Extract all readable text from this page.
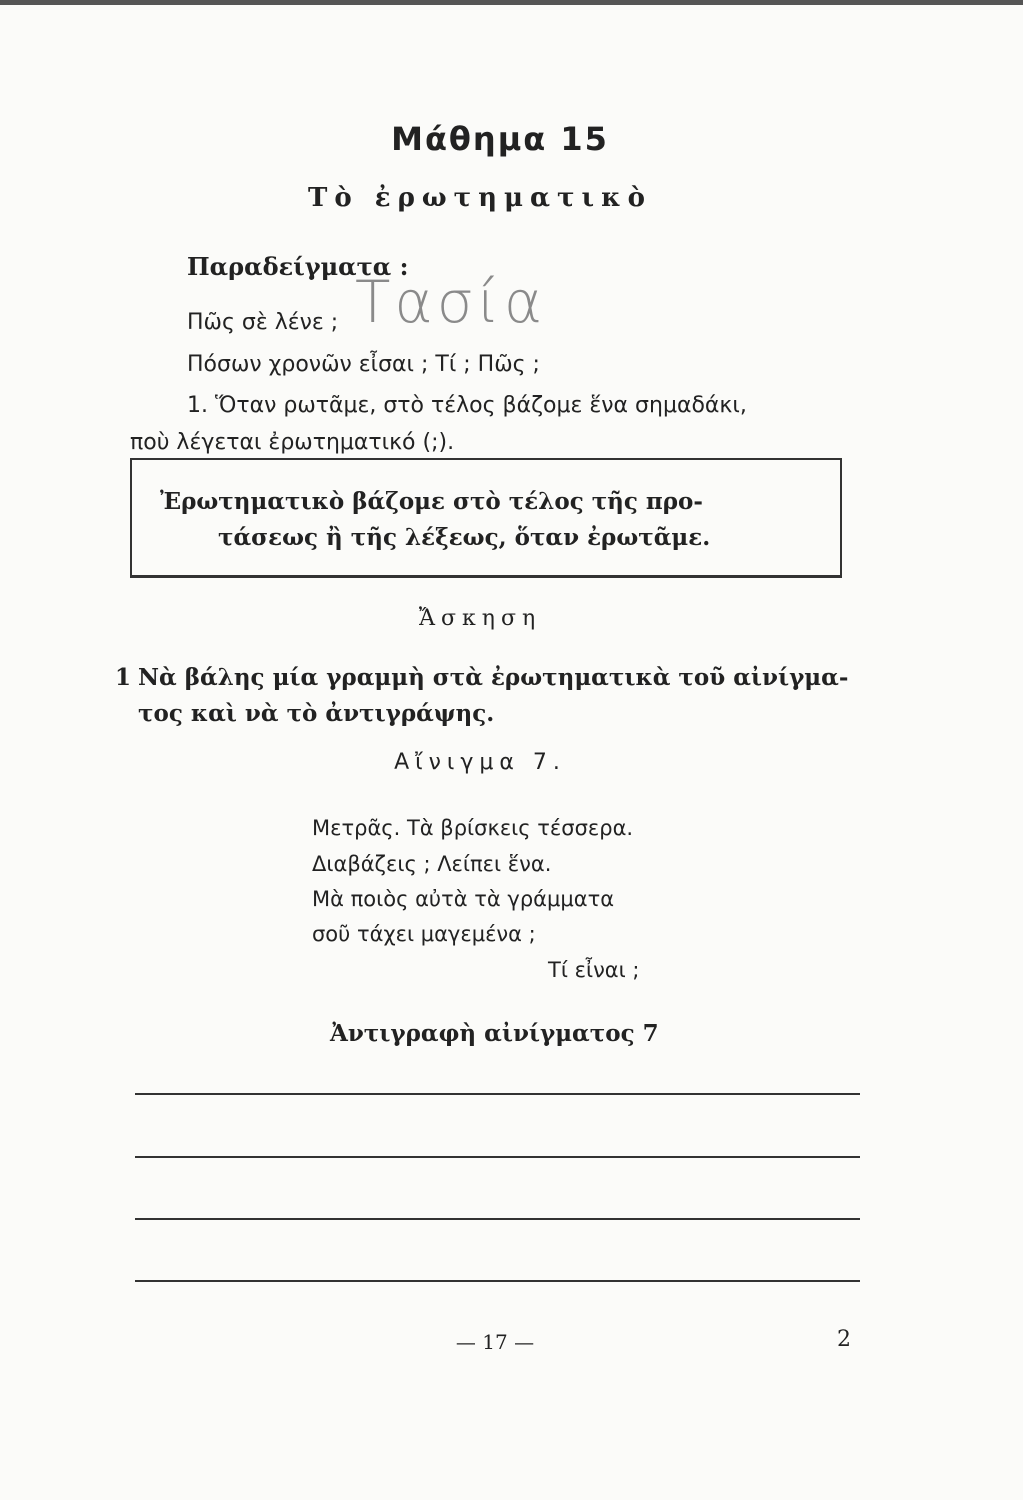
Μάθημα 15
Τὸ ἐρωτηματικὸ
Παραδείγματα :
Πῶς σὲ λένε ; Τασία
Πόσων χρονῶν εἶσαι ; Τί ; Πῶς ;
1. Ὅταν ρωτᾶμε, στὸ τέλος βάζομε ἕνα σημαδάκι,
ποὺ λέγεται ἐρωτηματικό (;).
Ἐρωτηματικὸ βάζομε στὸ τέλος τῆς προ-
τάσεως ἢ τῆς λέξεως, ὅταν ἐρωτᾶμε.
Ἄσκηση
1 Νὰ βάλης μία γραμμὴ στὰ ἐρωτηματικὰ τοῦ αἰνίγμα-
τος καὶ νὰ τὸ ἀντιγράψης.
Αἴνιγμα 7.
Μετρᾶς. Τὰ βρίσκεις τέσσερα.
Διαβάζεις ; Λείπει ἕνα.
Μὰ ποιὸς αὐτὰ τὰ γράμματα
σοῦ τάχει μαγεμένα ;
Τί εἶναι ;
Ἀντιγραφὴ αἰνίγματος 7
— 17 —	2
